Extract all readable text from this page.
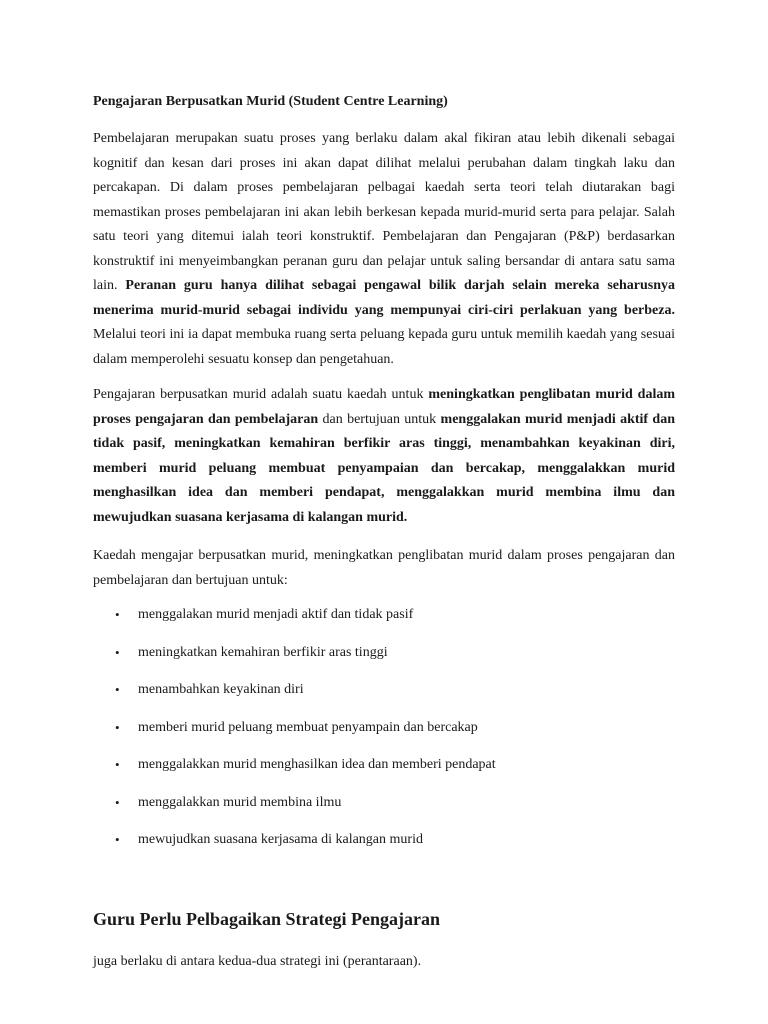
Pengajaran Berpusatkan Murid (Student Centre Learning)

Pembelajaran merupakan suatu proses yang berlaku dalam akal fikiran atau lebih dikenali sebagai kognitif dan kesan dari proses ini akan dapat dilihat melalui perubahan dalam tingkah laku dan percakapan. Di dalam proses pembelajaran pelbagai kaedah serta teori telah diutarakan bagi memastikan proses pembelajaran ini akan lebih berkesan kepada murid-murid serta para pelajar. Salah satu teori yang ditemui ialah teori konstruktif. Pembelajaran dan Pengajaran (P&P) berdasarkan konstruktif ini menyeimbangkan peranan guru dan pelajar untuk saling bersandar di antara satu sama lain. Peranan guru hanya dilihat sebagai pengawal bilik darjah selain mereka seharusnya menerima murid-murid sebagai individu yang mempunyai ciri-ciri perlakuan yang berbeza. Melalui teori ini ia dapat membuka ruang serta peluang kepada guru untuk memilih kaedah yang sesuai dalam memperolehi sesuatu konsep dan pengetahuan.

Pengajaran berpusatkan murid adalah suatu kaedah untuk meningkatkan penglibatan murid dalam proses pengajaran dan pembelajaran dan bertujuan untuk menggalakan murid menjadi aktif dan tidak pasif, meningkatkan kemahiran berfikir aras tinggi, menambahkan keyakinan diri, memberi murid peluang membuat penyampaian dan bercakap, menggalakkan murid menghasilkan idea dan memberi pendapat, menggalakkan murid membina ilmu dan mewujudkan suasana kerjasama di kalangan murid.

Kaedah mengajar berpusatkan murid, meningkatkan penglibatan murid dalam proses pengajaran dan pembelajaran dan bertujuan untuk:

• menggalakan murid menjadi aktif dan tidak pasif
• meningkatkan kemahiran berfikir aras tinggi
• menambahkan keyakinan diri
• memberi murid peluang membuat penyampain dan bercakap
• menggalakkan murid menghasilkan idea dan memberi pendapat
• menggalakkan murid membina ilmu
• mewujudkan suasana kerjasama di kalangan murid
Guru Perlu Pelbagaikan Strategi Pengajaran

juga berlaku di antara kedua-dua strategi ini (perantaraan).
